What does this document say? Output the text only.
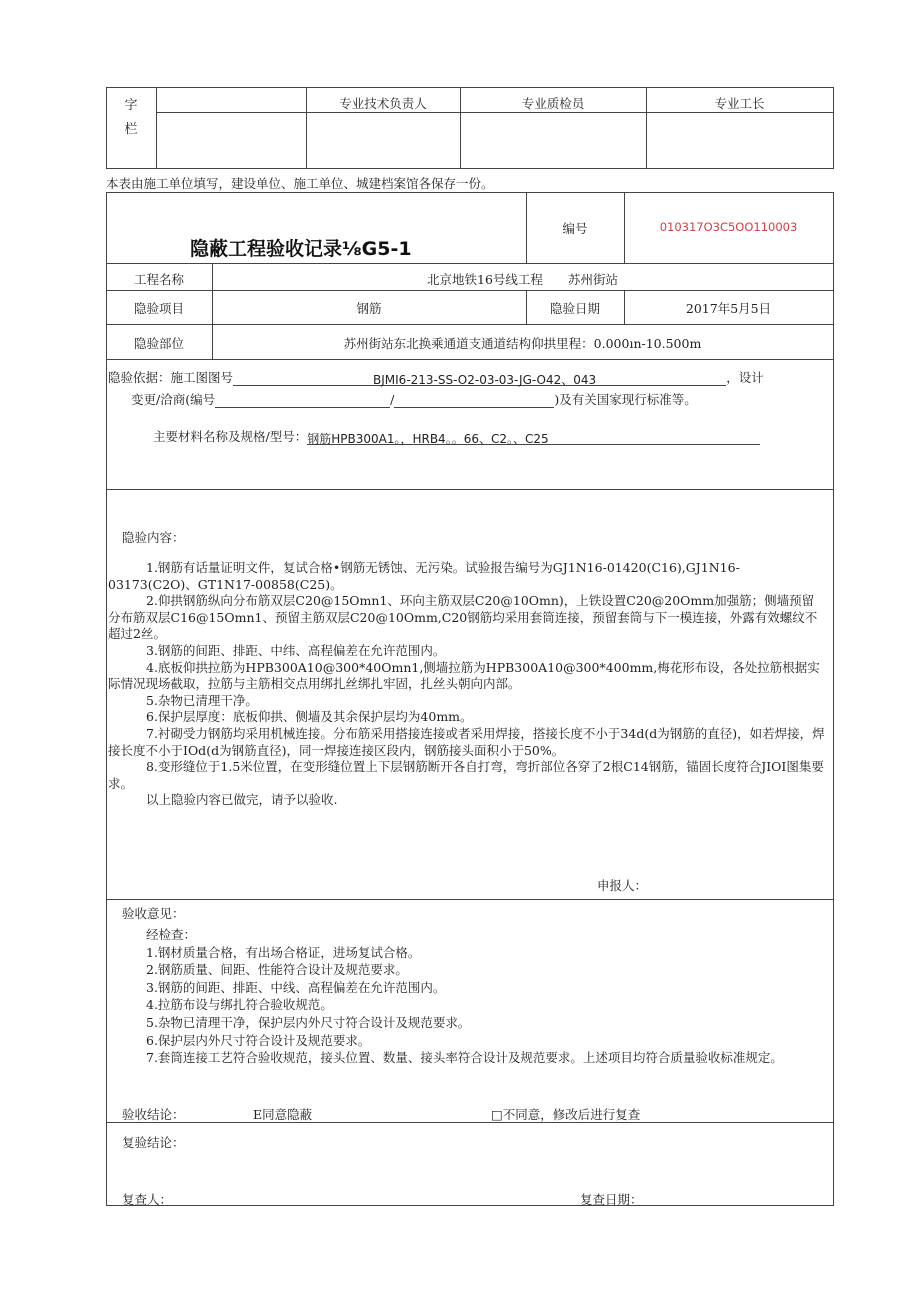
字
栏
专业技术负责人	专业质检员	专业工长
本表由施工单位填写，建设单位、施工单位、城建档案馆各保存一份。
隐蔽工程验收记录⅛G5-1
编号	010317O3C5OO110003
工程名称	北京地铁16号线工程　　苏州街站
隐验项目	钢筋	隐验日期	2017年5月5日
隐验部位	苏州街站东北换乘通道支通道结构仰拱里程：0.000ın-10.500m
隐验依据：施工图图号	BJMI6-213-SS-O2-03-03-JG-O42、043	，设计
变更/洽商(编号	/	)及有关国家现行标准等。
主要材料名称及规格/型号：钢筋HPB300A1。，HRB4。。66、C2。、C25
隐验内容：
1.钢筋有话量证明文件，复试合格•钢筋无锈蚀、无污染。试验报告编号为GJ1N16-01420(C16),GJ1N16-03173(C2O)、GT1N17-00858(C25)。
2.仰拱钢筋纵向分布筋双层C20@15Omn1、环向主筋双层C20@10Omn)，上铁设置C20@20Omm加强筋；侧墙预留分布筋双层C16@15Omn1、预留主筋双层C20@10Omm,C20钢筋均采用套筒连接，预留套筒与下一模连接，外露有效螺纹不超过2丝。
3.钢筋的间距、排距、中纬、高程偏差在允许范围内。
4.底板仰拱拉筋为HPB300A10@300*40Omn1,侧墙拉筋为HPB300A10@300*400mm,梅花形布设，各处拉筋根据实际情况现场截取，拉筋与主筋相交点用绑扎丝绑扎牢固，扎丝头朝向内部。
5.杂物已清理干净。
6.保护层厚度：底板仰拱、侧墙及其余保护层均为40mm。
7.衬砌受力钢筋均采用机械连接。分布筋采用搭接连接或者采用焊接，搭接长度不小于34d(d为钢筋的直径)，如若焊接，焊接长度不小于IOd(d为钢筋直径)，同一焊接连接区段内，钢筋接头面积小于50%。
8.变形缝位于1.5米位置，在变形缝位置上下层钢筋断开各自打弯，弯折部位各穿了2根C14钢筋，锚固长度符合JIOI图集要求。
以上隐验内容已做完，请予以验收.
申报人：
验收意见：
经检查：
1.钢材质量合格，有出场合格证，进场复试合格。
2.钢筋质量、间距、性能符合设计及规范要求。
3.钢筋的间距、排距、中线、高程偏差在允许范围内。
4.拉筋布设与绑扎符合验收规范。
5.杂物已清理干净，保护层内外尺寸符合设计及规范要求。
6.保护层内外尺寸符合设计及规范要求。
7.套筒连接工艺符合验收规范，接头位置、数量、接头率符合设计及规范要求。上述项目均符合质量验收标准规定。
验收结论：	E同意隐蔽	□不同意，修改后进行复查
复验结论：
复查人：	复查日期：
